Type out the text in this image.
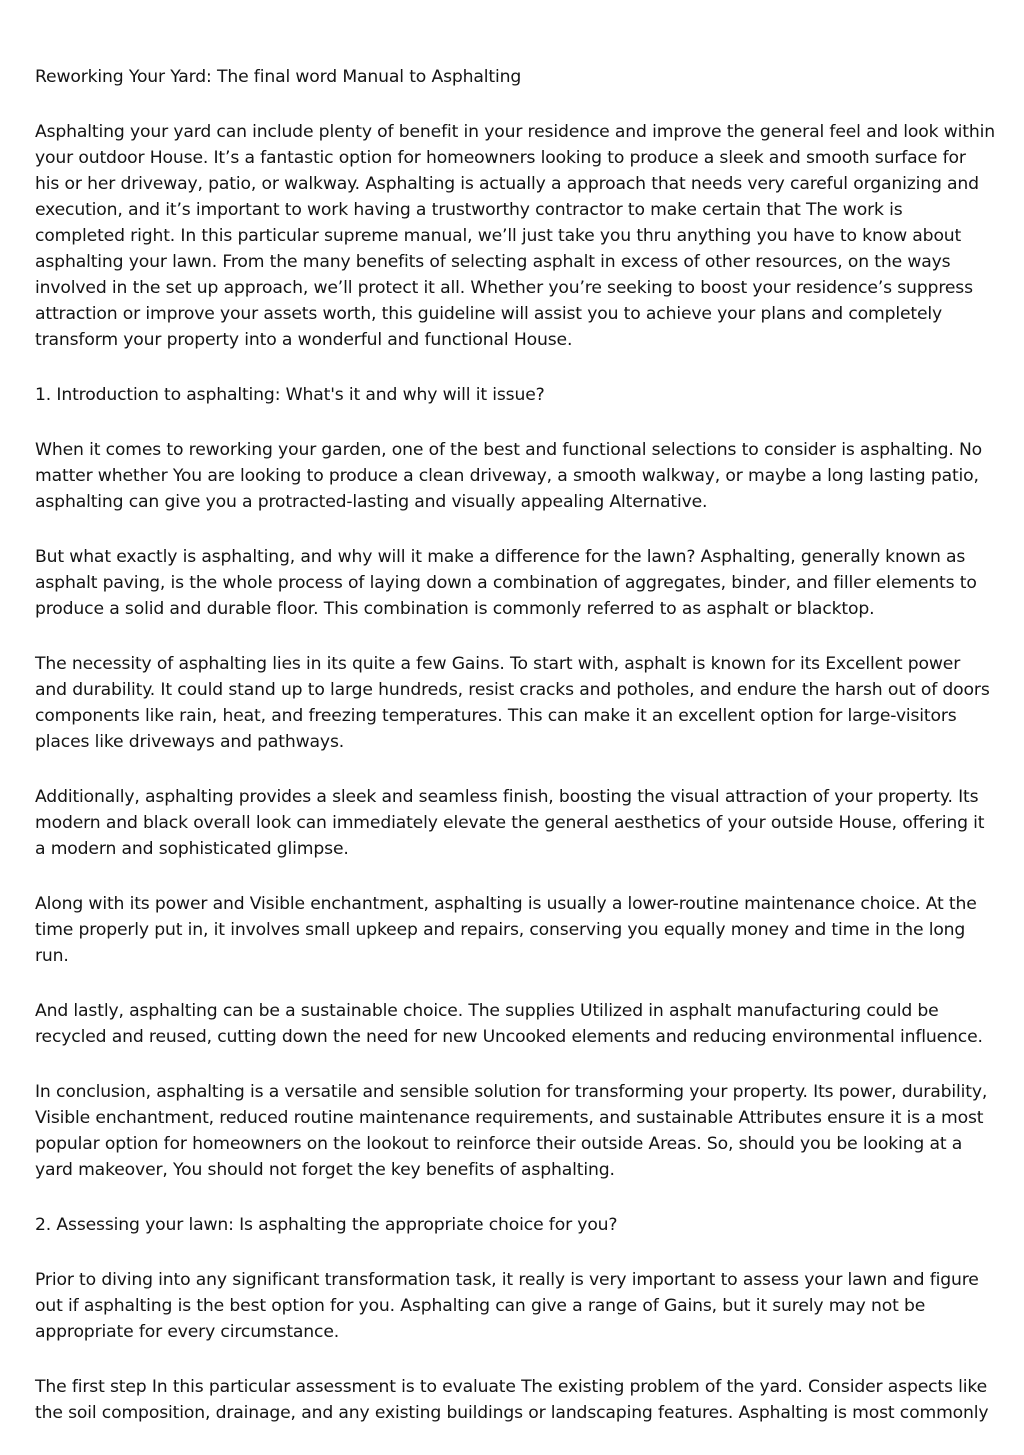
Reworking Your Yard: The final word Manual to Asphalting

Asphalting your yard can include plenty of benefit in your residence and improve the general feel and look within your outdoor House. It’s a fantastic option for homeowners looking to produce a sleek and smooth surface for his or her driveway, patio, or walkway. Asphalting is actually a approach that needs very careful organizing and execution, and it’s important to work having a trustworthy contractor to make certain that The work is completed right. In this particular supreme manual, we’ll just take you thru anything you have to know about asphalting your lawn. From the many benefits of selecting asphalt in excess of other resources, on the ways involved in the set up approach, we’ll protect it all. Whether you’re seeking to boost your residence’s suppress attraction or improve your assets worth, this guideline will assist you to achieve your plans and completely transform your property into a wonderful and functional House.

1. Introduction to asphalting: What's it and why will it issue?

When it comes to reworking your garden, one of the best and functional selections to consider is asphalting. No matter whether You are looking to produce a clean driveway, a smooth walkway, or maybe a long lasting patio, asphalting can give you a protracted-lasting and visually appealing Alternative.

But what exactly is asphalting, and why will it make a difference for the lawn? Asphalting, generally known as asphalt paving, is the whole process of laying down a combination of aggregates, binder, and filler elements to produce a solid and durable floor. This combination is commonly referred to as asphalt or blacktop.

The necessity of asphalting lies in its quite a few Gains. To start with, asphalt is known for its Excellent power and durability. It could stand up to large hundreds, resist cracks and potholes, and endure the harsh out of doors components like rain, heat, and freezing temperatures. This can make it an excellent option for large-visitors places like driveways and pathways.

Additionally, asphalting provides a sleek and seamless finish, boosting the visual attraction of your property. Its modern and black overall look can immediately elevate the general aesthetics of your outside House, offering it a modern and sophisticated glimpse.

Along with its power and Visible enchantment, asphalting is usually a lower-routine maintenance choice. At the time properly put in, it involves small upkeep and repairs, conserving you equally money and time in the long run.

And lastly, asphalting can be a sustainable choice. The supplies Utilized in asphalt manufacturing could be recycled and reused, cutting down the need for new Uncooked elements and reducing environmental influence.

In conclusion, asphalting is a versatile and sensible solution for transforming your property. Its power, durability, Visible enchantment, reduced routine maintenance requirements, and sustainable Attributes ensure it is a most popular option for homeowners on the lookout to reinforce their outside Areas. So, should you be looking at a yard makeover, You should not forget the key benefits of asphalting.

2. Assessing your lawn: Is asphalting the appropriate choice for you?

Prior to diving into any significant transformation task, it really is very important to assess your lawn and figure out if asphalting is the best option for you. Asphalting can give a range of Gains, but it surely may not be appropriate for every circumstance.

The first step In this particular assessment is to evaluate The existing problem of the yard. Consider aspects like the soil composition, drainage, and any existing buildings or landscaping features. Asphalting is most commonly
